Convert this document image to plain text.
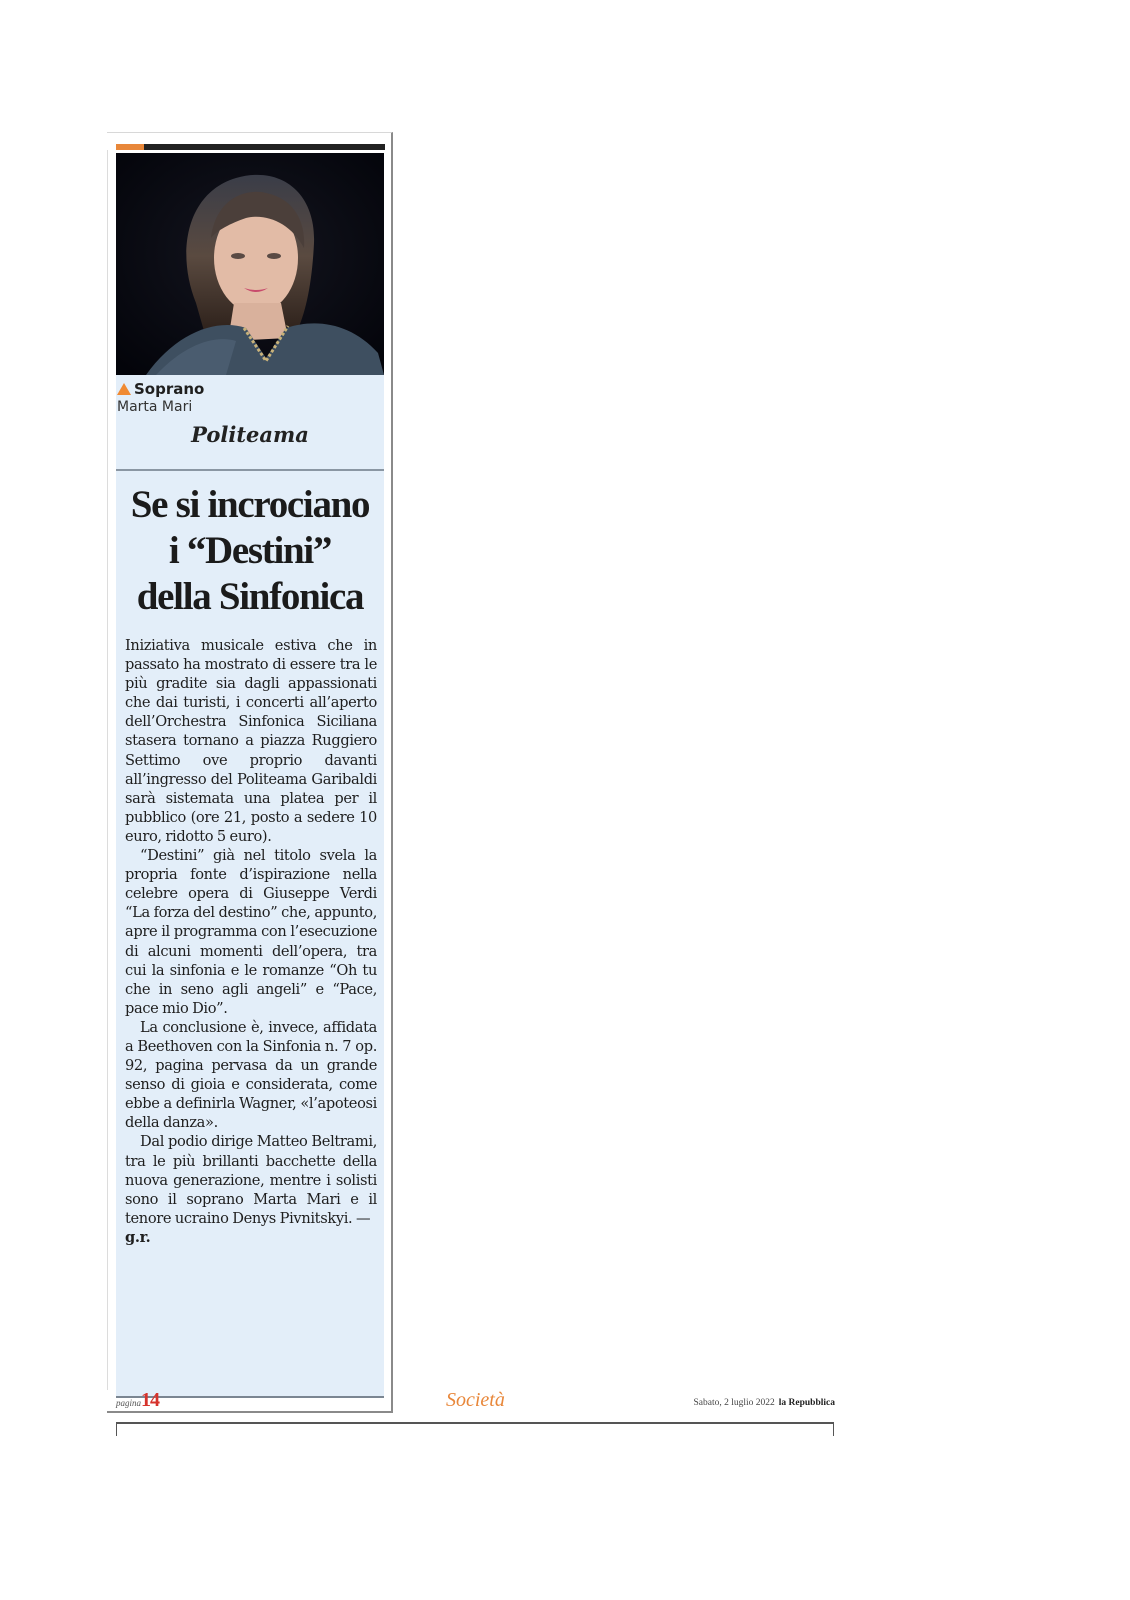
Soprano
Marta Mari
Politeama
Se si incrociano
i “Destini”
della Sinfonica

Iniziativa musicale estiva che in passato ha mostrato di essere tra le più gradite sia dagli appassionati che dai turisti, i concerti all’aperto dell’Orchestra Sinfonica Siciliana stasera tornano a piazza Ruggiero Settimo ove proprio davanti all’ingresso del Politeama Garibaldi sarà sistemata una platea per il pubblico (ore 21, posto a sedere 10 euro, ridotto 5 euro).

“Destini” già nel titolo svela la propria fonte d’ispirazione nella celebre opera di Giuseppe Verdi “La forza del destino” che, appunto, apre il programma con l’esecuzione di alcuni momenti dell’opera, tra cui la sinfonia e le romanze “Oh tu che in seno agli angeli” e “Pace, pace mio Dio”.

La conclusione è, invece, affidata a Beethoven con la Sinfonia n. 7 op. 92, pagina pervasa da un grande senso di gioia e considerata, come ebbe a definirla Wagner, «l’apoteosi della danza».

Dal podio dirige Matteo Beltrami, tra le più brillanti bacchette della nuova generazione, mentre i solisti sono il soprano Marta Mari e il tenore ucraino Denys Pivnitskyi. —

g.r.

pagina14	Società	Sabato, 2 luglio 2022 la Repubblica
